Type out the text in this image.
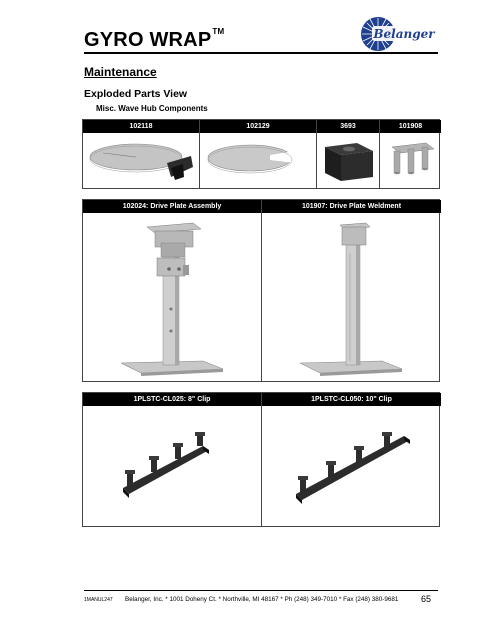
GYRO WRAP™	Belanger
Maintenance
Exploded Parts View
Misc. Wave Hub Components
102118	102129	3693	101908
102024: Drive Plate Assembly	101907: Drive Plate Weldment
1PLSTC-CL025: 8" Clip	1PLSTC-CL050: 10" Clip
1MANUL247 Belanger, Inc. * 1001 Doheny Ct. * Northville, MI 48167 * Ph (248) 349-7010 * Fax (248) 380-9681	65
